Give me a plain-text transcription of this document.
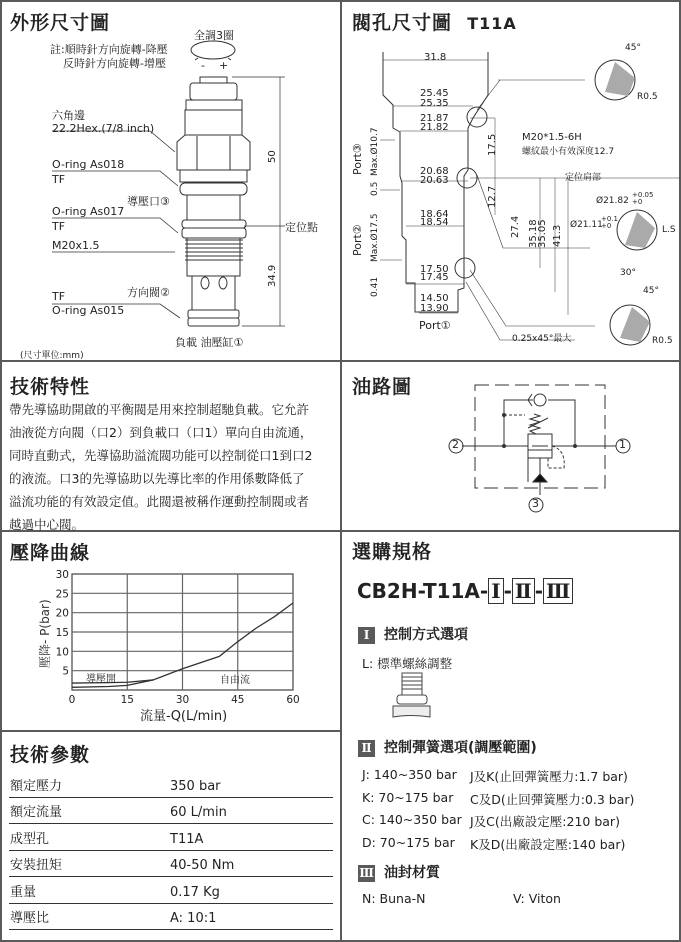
外形尺寸圖
全調3圈
- +
註:順時針方向旋轉-降壓
反時針方向旋轉-增壓
六角邊
22.2Hex.(7/8 inch)
O-ring As018
TF
導壓口③
O-ring As017
TF
M20x1.5
方向閥②
TF
O-ring As015
負載 油壓缸①
(尺寸單位:mm)
50
34.9
定位點
閥孔尺寸圖 T11A
31.8
25.45
25.35
21.87
21.82
20.68
20.63
18.64
18.54
17.50
17.45
14.50
13.90
Port①
Port③ Max.Ø10.7
0.5
Port② Max.Ø17.5
0.41
17.5
12.7
27.4 35.18
35.05 41.3
M20*1.5-6H
螺紋最小有效深度12.7
定位肩部
Ø21.82
+0.05
+0
Ø21.11
+0.1
+0	L.S
45°
R0.5
30°
45°
R0.5
0.25x45°最大
技術特性
帶先導協助開啟的平衡閥是用來控制超馳負載。它允許
油液從方向閥（口2）到負載口（口1）單向自由流通，
同時直動式，先導協助溢流閥功能可以控制從口1到口2
的液流。口3的先導協助以先導比率的作用係數降低了
溢流功能的有效設定值。此閥還被稱作運動控制閥或者
越過中心閥。
油路圖
2	1
3
壓降曲線
0	15	30	45	60
5
10
15
20
25
30
流量-Q(L/min)
壓降- P(bar)
導壓開	自由流
技術參數
額定壓力	350 bar
額定流量	60 L/min
成型孔	T11A
安裝扭矩	40-50 Nm
重量	0.17 Kg
導壓比	A: 10:1
選購規格
CB2H-T11A- Ⅰ - Ⅱ - Ⅲ
Ⅰ 控制方式選項
L: 標準螺絲調整
Ⅱ 控制彈簧選項(調壓範圍)
J: 140~350 bar J及K(止回彈簧壓力:1.7 bar)
K: 70~175 bar C及D(止回彈簧壓力:0.3 bar)
C: 140~350 bar J及C(出廠設定壓:210 bar)
D: 70~175 bar K及D(出廠設定壓:140 bar)
Ⅲ 油封材質
N: Buna-N	V: Viton
